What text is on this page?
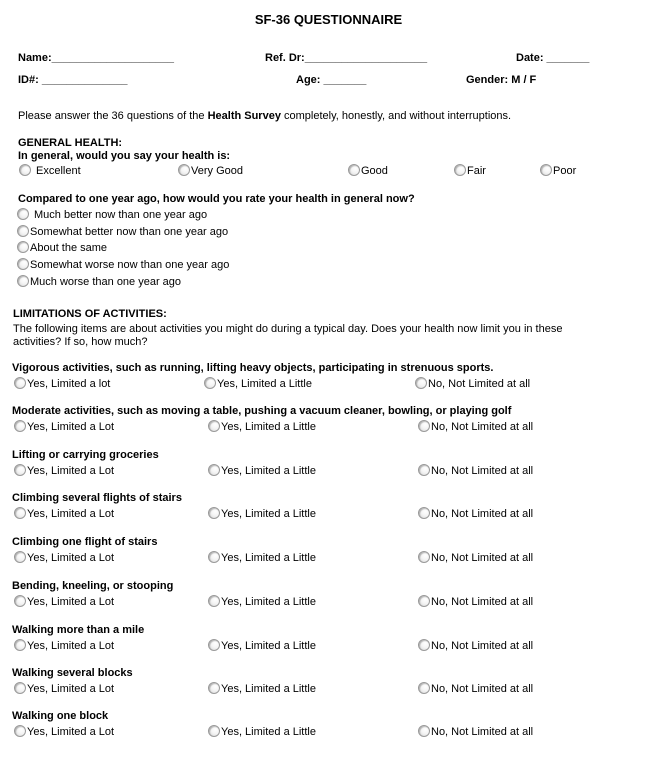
SF-36 QUESTIONNAIRE
Name:____________________	Ref. Dr:____________________	Date: _______
ID#: ______________	Age: _______	Gender: M / F
Please answer the 36 questions of the Health Survey completely, honestly, and without interruptions.
GENERAL HEALTH:
In general, would you say your health is:
Excellent	Very Good	Good	Fair	Poor
Compared to one year ago, how would you rate your health in general now?
Much better now than one year ago
Somewhat better now than one year ago
About the same
Somewhat worse now than one year ago
Much worse than one year ago
LIMITATIONS OF ACTIVITIES:
The following items are about activities you might do during a typical day. Does your health now limit you in these
activities? If so, how much?
Vigorous activities, such as running, lifting heavy objects, participating in strenuous sports.
Yes, Limited a lot	Yes, Limited a Little	No, Not Limited at all
Moderate activities, such as moving a table, pushing a vacuum cleaner, bowling, or playing golf
Yes, Limited a Lot	Yes, Limited a Little	No, Not Limited at all
Lifting or carrying groceries
Yes, Limited a Lot	Yes, Limited a Little	No, Not Limited at all
Climbing several flights of stairs
Yes, Limited a Lot	Yes, Limited a Little	No, Not Limited at all
Climbing one flight of stairs
Yes, Limited a Lot	Yes, Limited a Little	No, Not Limited at all
Bending, kneeling, or stooping
Yes, Limited a Lot	Yes, Limited a Little	No, Not Limited at all
Walking more than a mile
Yes, Limited a Lot	Yes, Limited a Little	No, Not Limited at all
Walking several blocks
Yes, Limited a Lot	Yes, Limited a Little	No, Not Limited at all
Walking one block
Yes, Limited a Lot	Yes, Limited a Little	No, Not Limited at all
